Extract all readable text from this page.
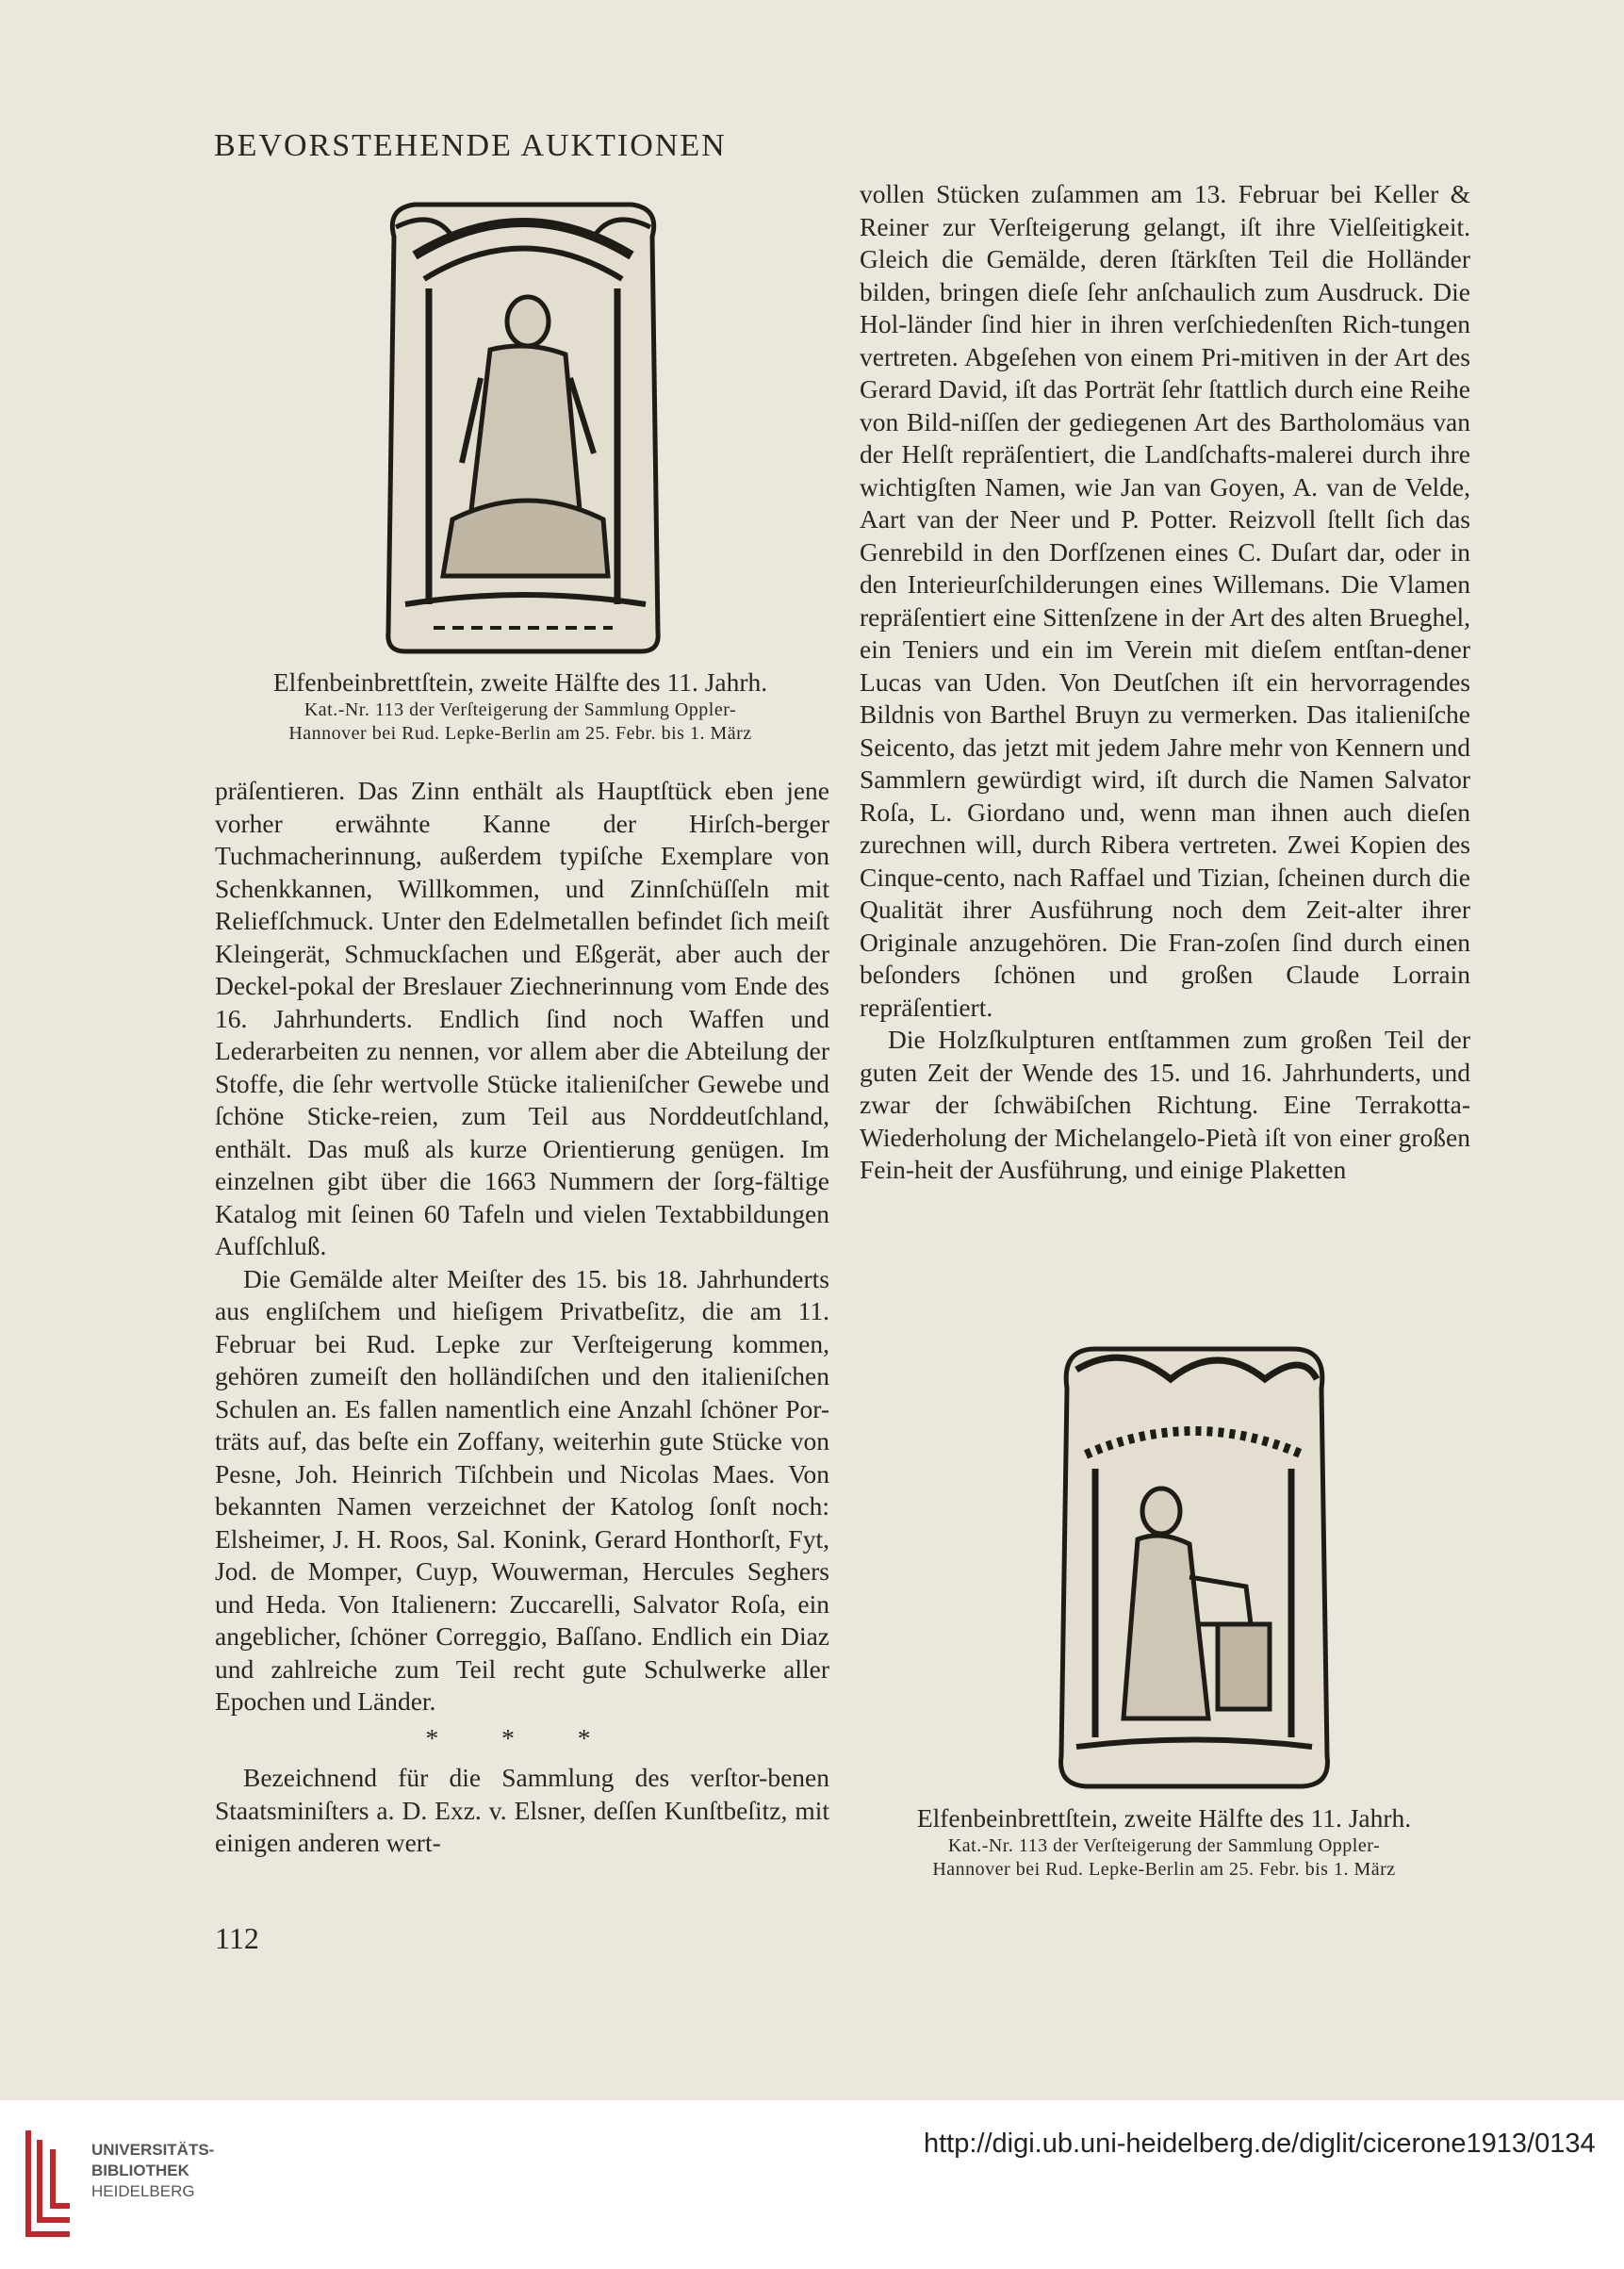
BEVORSTEHENDE AUKTIONEN
Elfenbeinbrettſtein, zweite Hälfte des 11. Jahrh.
Kat.-Nr. 113 der Verſteigerung der Sammlung Oppler-
Hannover bei Rud. Lepke-Berlin am 25. Febr. bis 1. März

präſentieren. Das Zinn enthält als Hauptſtück eben jene vorher erwähnte Kanne der Hirſch-berger Tuchmacherinnung, außerdem typiſche Exemplare von Schenkkannen, Willkommen, und Zinnſchüſſeln mit Reliefſchmuck. Unter den Edelmetallen befindet ſich meiſt Kleingerät, Schmuckſachen und Eßgerät, aber auch der Deckel-pokal der Breslauer Ziechnerinnung vom Ende des 16. Jahrhunderts. Endlich ſind noch Waffen und Lederarbeiten zu nennen, vor allem aber die Abteilung der Stoffe, die ſehr wertvolle Stücke italieniſcher Gewebe und ſchöne Sticke-reien, zum Teil aus Norddeutſchland, enthält. Das muß als kurze Orientierung genügen. Im einzelnen gibt über die 1663 Nummern der ſorg-fältige Katalog mit ſeinen 60 Tafeln und vielen Textabbildungen Aufſchluß.

Die Gemälde alter Meiſter des 15. bis 18. Jahrhunderts aus engliſchem und hieſigem Privatbeſitz, die am 11. Februar bei Rud. Lepke zur Verſteigerung kommen, gehören zumeiſt den holländiſchen und den italieniſchen Schulen an. Es fallen namentlich eine Anzahl ſchöner Por-träts auf, das beſte ein Zoffany, weiterhin gute Stücke von Pesne, Joh. Heinrich Tiſchbein und Nicolas Maes. Von bekannten Namen verzeichnet der Katolog ſonſt noch: Elsheimer, J. H. Roos, Sal. Konink, Gerard Honthorſt, Fyt, Jod. de Momper, Cuyp, Wouwerman, Hercules Seghers und Heda. Von Italienern: Zuccarelli, Salvator Roſa, ein angeblicher, ſchöner Correggio, Baſſano. Endlich ein Diaz und zahlreiche zum Teil recht gute Schulwerke aller Epochen und Länder.

* * *

Bezeichnend für die Sammlung des verſtor-benen Staatsminiſters a. D. Exz. v. Elsner, deſſen Kunſtbeſitz, mit einigen anderen wert-

vollen Stücken zuſammen am 13. Februar bei Keller & Reiner zur Verſteigerung gelangt, iſt ihre Vielſeitigkeit. Gleich die Gemälde, deren ſtärkſten Teil die Holländer bilden, bringen dieſe ſehr anſchaulich zum Ausdruck. Die Hol-länder ſind hier in ihren verſchiedenſten Rich-tungen vertreten. Abgeſehen von einem Pri-mitiven in der Art des Gerard David, iſt das Porträt ſehr ſtattlich durch eine Reihe von Bild-niſſen der gediegenen Art des Bartholomäus van der Helſt repräſentiert, die Landſchafts-malerei durch ihre wichtigſten Namen, wie Jan van Goyen, A. van de Velde, Aart van der Neer und P. Potter. Reizvoll ſtellt ſich das Genrebild in den Dorfſzenen eines C. Duſart dar, oder in den Interieurſchilderungen eines Willemans. Die Vlamen repräſentiert eine Sittenſzene in der Art des alten Brueghel, ein Teniers und ein im Verein mit dieſem entſtan-dener Lucas van Uden. Von Deutſchen iſt ein hervorragendes Bildnis von Barthel Bruyn zu vermerken. Das italieniſche Seicento, das jetzt mit jedem Jahre mehr von Kennern und Sammlern gewürdigt wird, iſt durch die Namen Salvator Roſa, L. Giordano und, wenn man ihnen auch dieſen zurechnen will, durch Ribera vertreten. Zwei Kopien des Cinque-cento, nach Raffael und Tizian, ſcheinen durch die Qualität ihrer Ausführung noch dem Zeit-alter ihrer Originale anzugehören. Die Fran-zoſen ſind durch einen beſonders ſchönen und großen Claude Lorrain repräſentiert.

Die Holzſkulpturen entſtammen zum großen Teil der guten Zeit der Wende des 15. und 16. Jahrhunderts, und zwar der ſchwäbiſchen Richtung. Eine Terrakotta-Wiederholung der Michelangelo-Pietà iſt von einer großen Fein-heit der Ausführung, und einige Plaketten

Elfenbeinbrettſtein, zweite Hälfte des 11. Jahrh.
Kat.-Nr. 113 der Verſteigerung der Sammlung Oppler-
Hannover bei Rud. Lepke-Berlin am 25. Febr. bis 1. März
112
UNIVERSITÄTS-
BIBLIOTHEK
HEIDELBERG
http://digi.ub.uni-heidelberg.de/diglit/cicerone1913/0134
